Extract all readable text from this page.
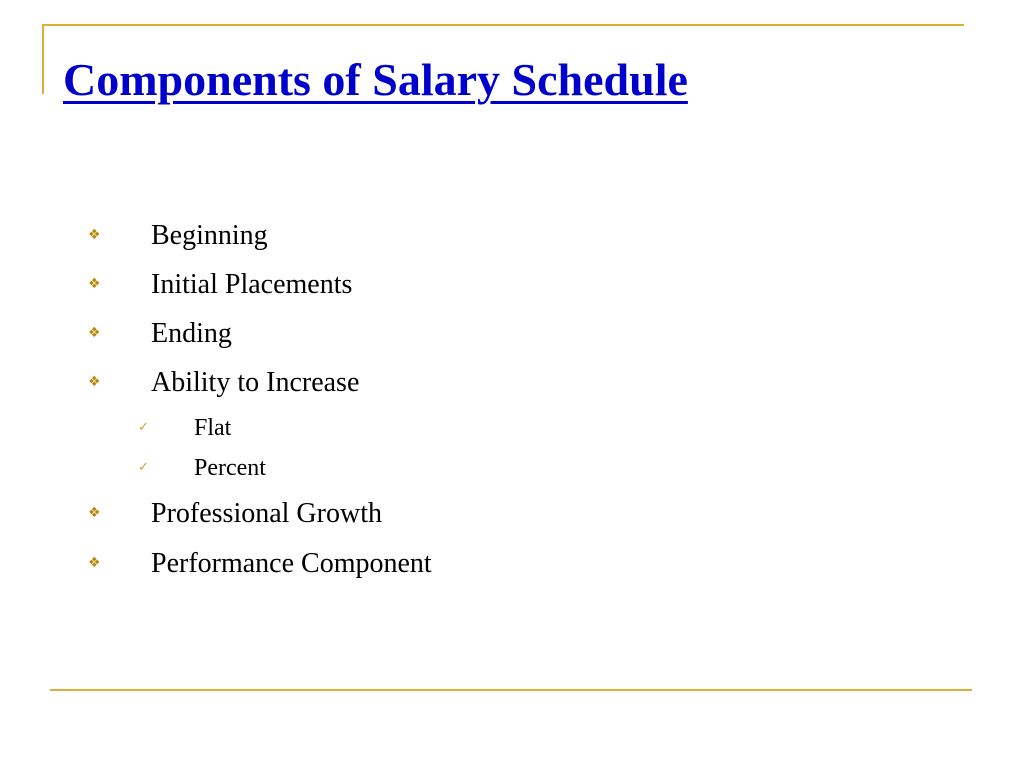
Components of Salary Schedule
❖ Beginning
❖ Initial Placements
❖ Ending
❖ Ability to Increase
✓ Flat
✓ Percent
❖ Professional Growth
❖ Performance Component
